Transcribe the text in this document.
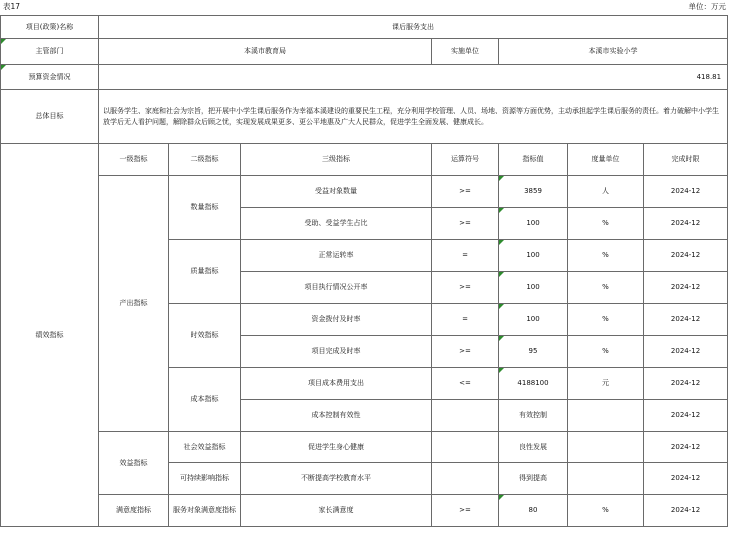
表17	单位：万元
项目(政策)名称	课后服务支出						
主管部门	本溪市教育局			实施单位	本溪市实验小学		
预算资金情况	418.81						
总体目标	以服务学生、家庭和社会为宗旨，把开展中小学生课后服务作为幸福本溪建设的重要民生工程，充分利用学校管理、人员、场地、资源等方面优势，主动承担起学生课后服务的责任。着力破解中小学生放学后无人看护问题，解除群众后顾之忧，实现发展成果更多、更公平地惠及广大人民群众，促进学生全面发展、健康成长。						
绩效指标	一级指标	二级指标	三级指标	运算符号	指标值	度量单位	完成时限
	产出指标	数量指标	受益对象数量	>=	3859	人	2024-12
			受助、受益学生占比	>=	100	%	2024-12
		质量指标	正常运转率	=	100	%	2024-12
			项目执行情况公开率	>=	100	%	2024-12
		时效指标	资金拨付及时率	=	100	%	2024-12
			项目完成及时率	>=	95	%	2024-12
		成本指标	项目成本费用支出	<=	4188100	元	2024-12
			成本控制有效性		有效控制		2024-12
	效益指标	社会效益指标	促进学生身心健康		良性发展		2024-12
		可持续影响指标	不断提高学校教育水平		得到提高		2024-12
	满意度指标	服务对象满意度指标	家长满意度	>=	80	%	2024-12
